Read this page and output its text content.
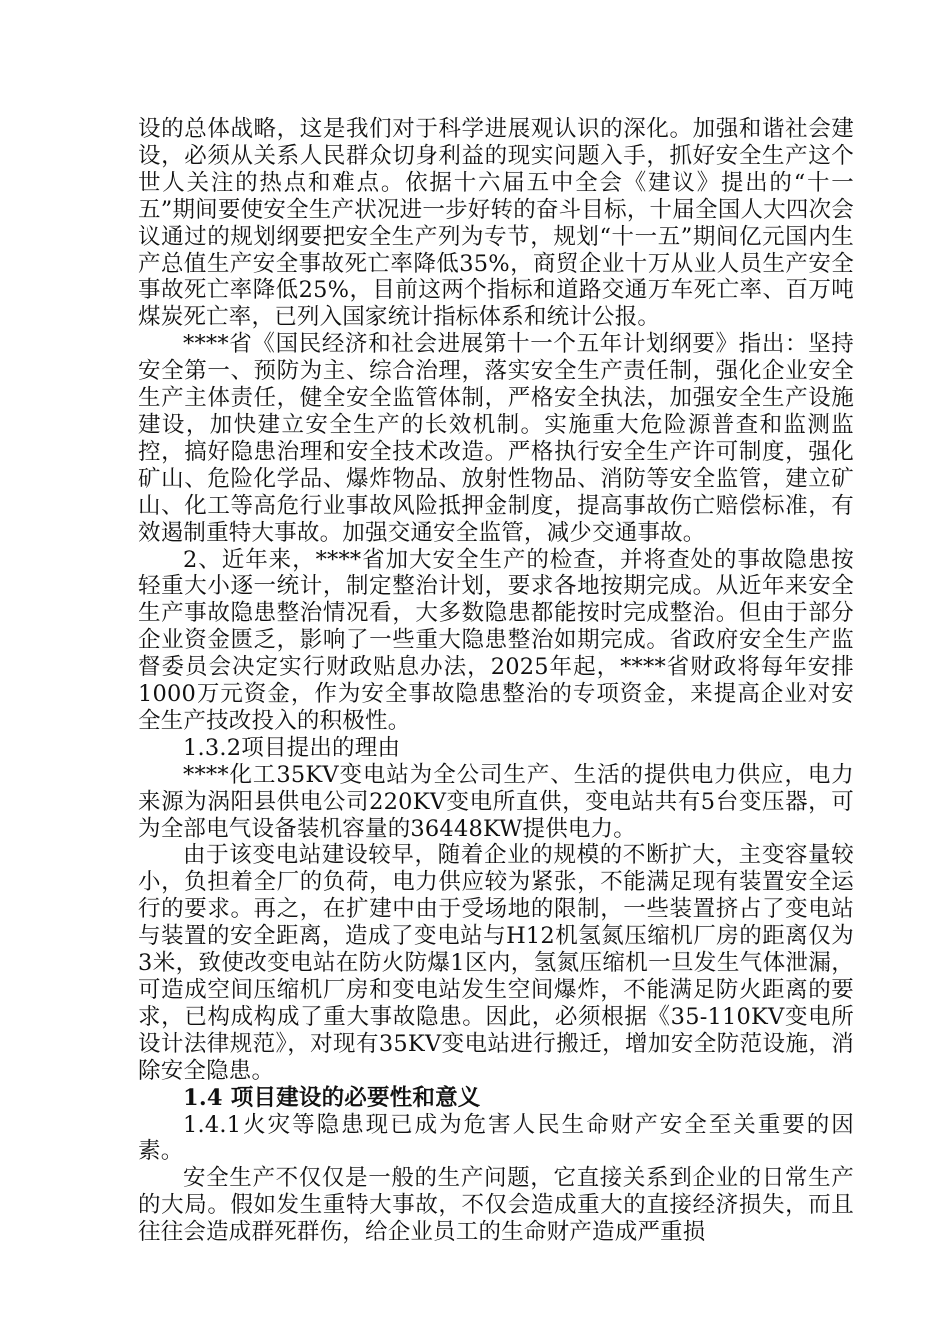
设的总体战略，这是我们对于科学进展观认识的深化。加强和谐社会建设，必须从关系人民群众切身利益的现实问题入手，抓好安全生产这个世人关注的热点和难点。依据十六届五中全会《建议》提出的“十一五”期间要使安全生产状况进一步好转的奋斗目标，十届全国人大四次会议通过的规划纲要把安全生产列为专节，规划“十一五”期间亿元国内生产总值生产安全事故死亡率降低35%，商贸企业十万从业人员生产安全事故死亡率降低25%，目前这两个指标和道路交通万车死亡率、百万吨煤炭死亡率，已列入国家统计指标体系和统计公报。

****省《国民经济和社会进展第十一个五年计划纲要》指出：坚持安全第一、预防为主、综合治理，落实安全生产责任制，强化企业安全生产主体责任，健全安全监管体制，严格安全执法，加强安全生产设施建设，加快建立安全生产的长效机制。实施重大危险源普查和监测监控，搞好隐患治理和安全技术改造。严格执行安全生产许可制度，强化矿山、危险化学品、爆炸物品、放射性物品、消防等安全监管，建立矿山、化工等高危行业事故风险抵押金制度，提高事故伤亡赔偿标准，有效遏制重特大事故。加强交通安全监管，减少交通事故。

2、近年来，****省加大安全生产的检查，并将查处的事故隐患按轻重大小逐一统计，制定整治计划，要求各地按期完成。从近年来安全生产事故隐患整治情况看，大多数隐患都能按时完成整治。但由于部分企业资金匮乏，影响了一些重大隐患整治如期完成。省政府安全生产监督委员会决定实行财政贴息办法，2025年起，****省财政将每年安排1000万元资金，作为安全事故隐患整治的专项资金，来提高企业对安全生产技改投入的积极性。

1.3.2项目提出的理由

****化工35KV变电站为全公司生产、生活的提供电力供应，电力来源为涡阳县供电公司220KV变电所直供，变电站共有5台变压器，可为全部电气设备装机容量的36448KW提供电力。

由于该变电站建设较早，随着企业的规模的不断扩大，主变容量较小，负担着全厂的负荷，电力供应较为紧张，不能满足现有装置安全运行的要求。再之，在扩建中由于受场地的限制，一些装置挤占了变电站与装置的安全距离，造成了变电站与H12机氢氮压缩机厂房的距离仅为3米，致使改变电站在防火防爆1区内，氢氮压缩机一旦发生气体泄漏，可造成空间压缩机厂房和变电站发生空间爆炸，不能满足防火距离的要求，已构成构成了重大事故隐患。因此，必须根据《35-110KV变电所设计法律规范》，对现有35KV变电站进行搬迁，增加安全防范设施，消除安全隐患。

1.4 项目建设的必要性和意义

1.4.1火灾等隐患现已成为危害人民生命财产安全至关重要的因素。

安全生产不仅仅是一般的生产问题，它直接关系到企业的日常生产的大局。假如发生重特大事故，不仅会造成重大的直接经济损失，而且往往会造成群死群伤，给企业员工的生命财产造成严重损
